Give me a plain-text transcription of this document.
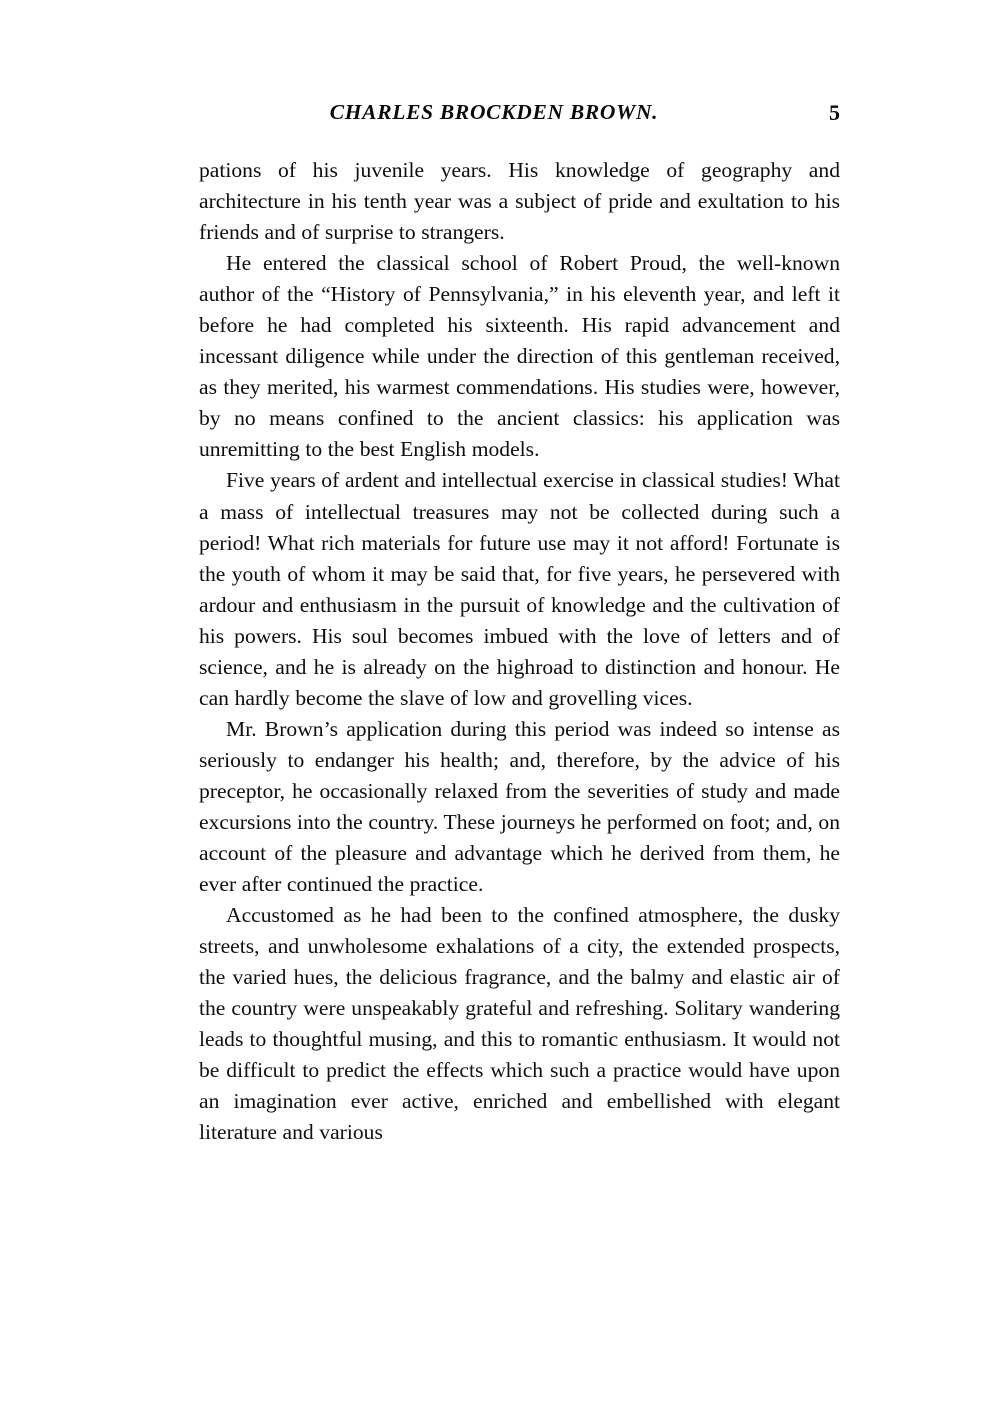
CHARLES BROCKDEN BROWN.	5

pations of his juvenile years. His knowledge of geography and architecture in his tenth year was a subject of pride and exultation to his friends and of surprise to strangers.

He entered the classical school of Robert Proud, the well-known author of the “History of Pennsylvania,” in his eleventh year, and left it before he had completed his sixteenth. His rapid advancement and incessant diligence while under the direction of this gentleman received, as they merited, his warmest commendations. His studies were, however, by no means confined to the ancient classics: his application was unremitting to the best English models.

Five years of ardent and intellectual exercise in classical studies! What a mass of intellectual treasures may not be collected during such a period! What rich materials for future use may it not afford! Fortunate is the youth of whom it may be said that, for five years, he persevered with ardour and enthusiasm in the pursuit of knowledge and the cultivation of his powers. His soul becomes imbued with the love of letters and of science, and he is already on the highroad to distinction and honour. He can hardly become the slave of low and grovelling vices.

Mr. Brown’s application during this period was indeed so intense as seriously to endanger his health; and, therefore, by the advice of his preceptor, he occasionally relaxed from the severities of study and made excursions into the country. These journeys he performed on foot; and, on account of the pleasure and advantage which he derived from them, he ever after continued the practice.

Accustomed as he had been to the confined atmosphere, the dusky streets, and unwholesome exhalations of a city, the extended prospects, the varied hues, the delicious fragrance, and the balmy and elastic air of the country were unspeakably grateful and refreshing. Solitary wandering leads to thoughtful musing, and this to romantic enthusiasm. It would not be difficult to predict the effects which such a practice would have upon an imagination ever active, enriched and embellished with elegant literature and various
